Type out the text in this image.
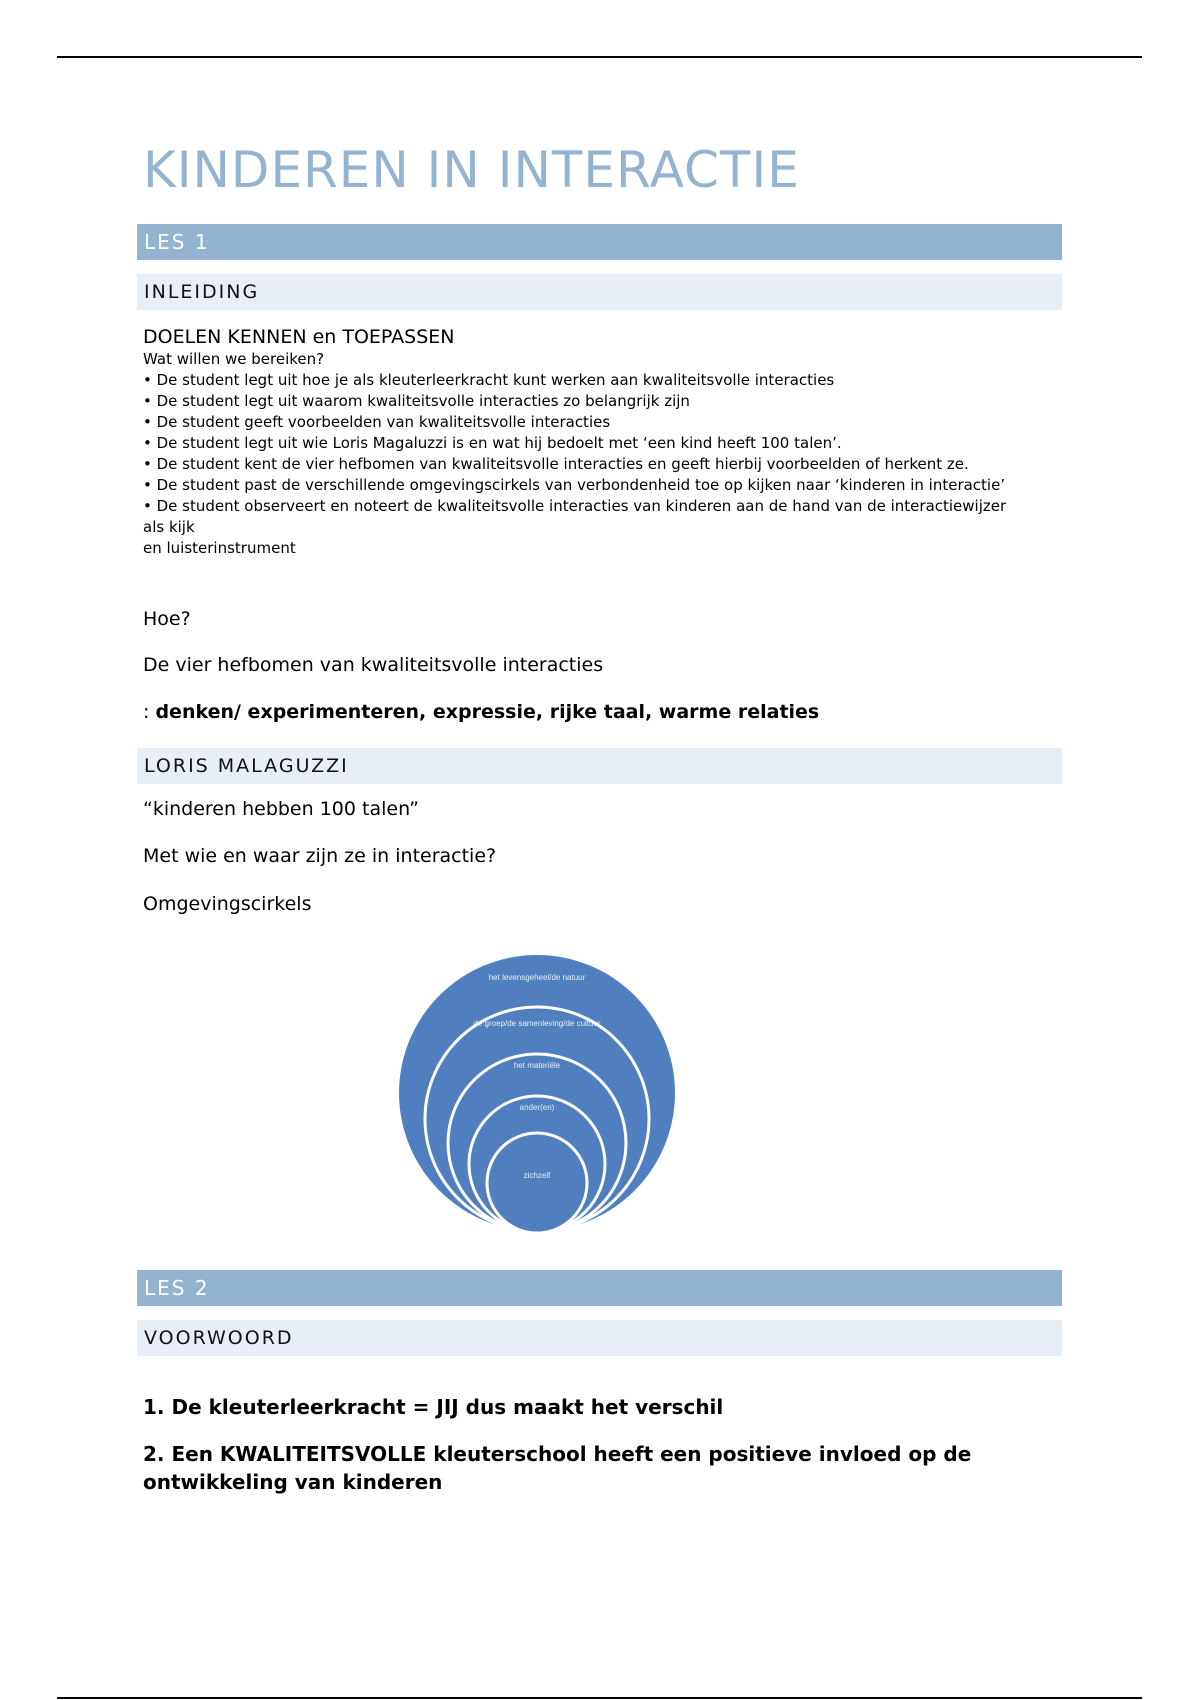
KINDEREN IN INTERACTIE
LES 1
INLEIDING
DOELEN KENNEN en TOEPASSEN
Wat willen we bereiken?
• De student legt uit hoe je als kleuterleerkracht kunt werken aan kwaliteitsvolle interacties
• De student legt uit waarom kwaliteitsvolle interacties zo belangrijk zijn
• De student geeft voorbeelden van kwaliteitsvolle interacties
• De student legt uit wie Loris Magaluzzi is en wat hij bedoelt met ‘een kind heeft 100 talen’.
• De student kent de vier hefbomen van kwaliteitsvolle interacties en geeft hierbij voorbeelden of herkent ze.
• De student past de verschillende omgevingscirkels van verbondenheid toe op kijken naar ‘kinderen in interactie’
• De student observeert en noteert de kwaliteitsvolle interacties van kinderen aan de hand van de interactiewijzer als kijk
en luisterinstrument
Hoe?
De vier hefbomen van kwaliteitsvolle interacties
: denken/ experimenteren, expressie, rijke taal, warme relaties
LORIS MALAGUZZI
“kinderen hebben 100 talen”
Met wie en waar zijn ze in interactie?
Omgevingscirkels
het levensgeheel/de natuur
de groep/de samenleving/de cultuur
het materiële
ander(en)
zichzelf
LES 2
VOORWOORD
1. De kleuterleerkracht = JIJ dus maakt het verschil
2. Een KWALITEITSVOLLE kleuterschool heeft een positieve invloed op de ontwikkeling van kinderen
